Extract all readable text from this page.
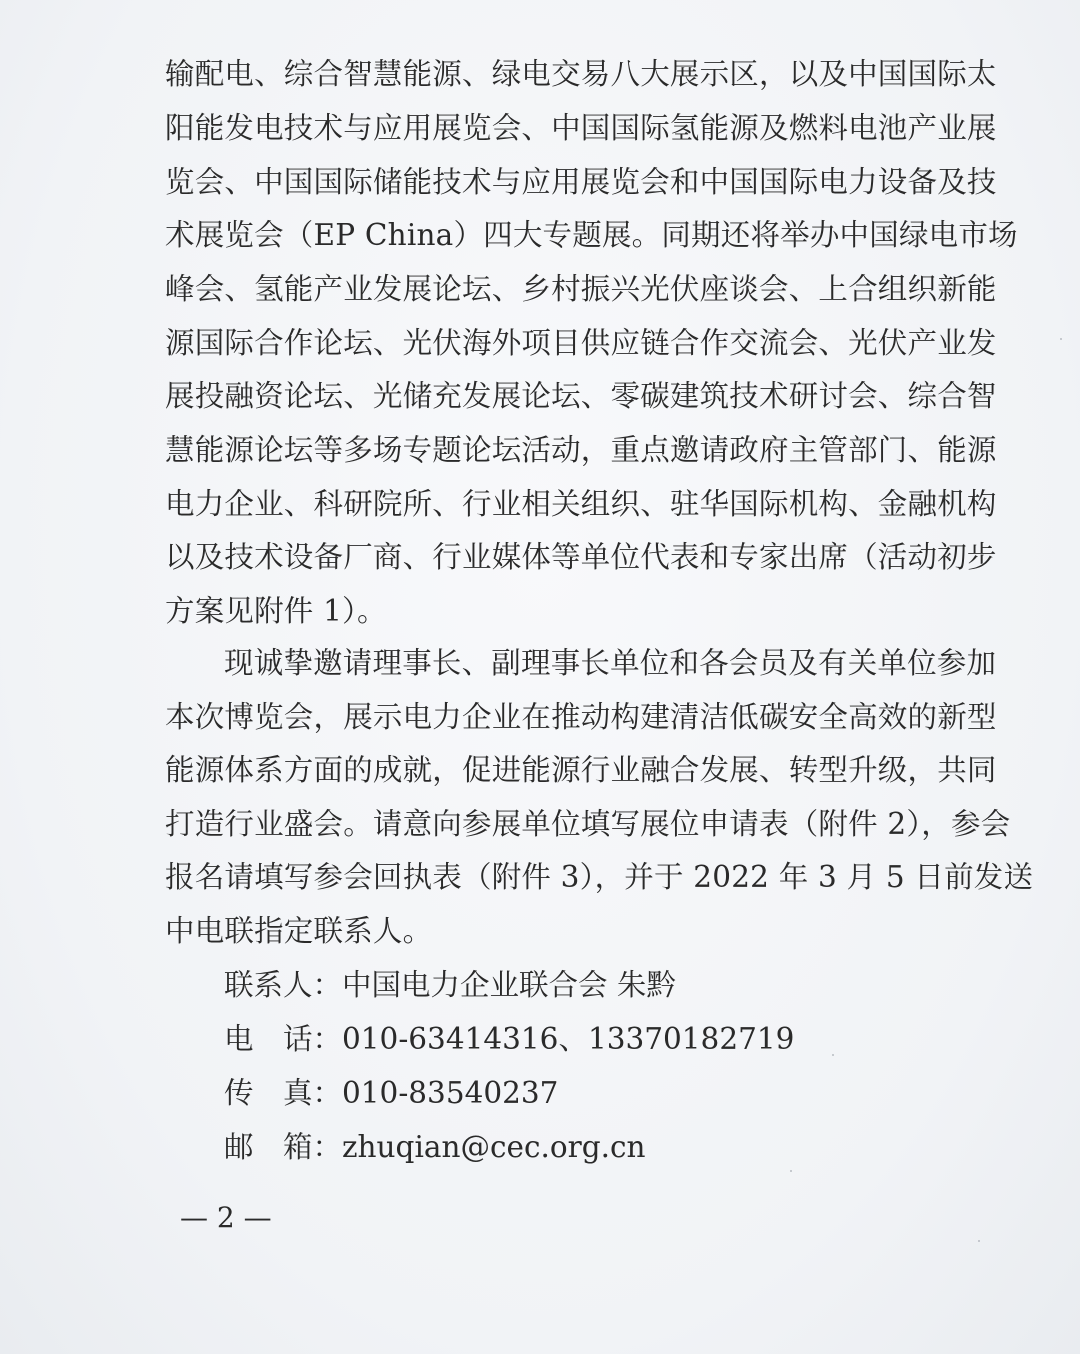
输配电、综合智慧能源、绿电交易八大展示区，以及中国国际太
阳能发电技术与应用展览会、中国国际氢能源及燃料电池产业展
览会、中国国际储能技术与应用展览会和中国国际电力设备及技
术展览会（EP China）四大专题展。同期还将举办中国绿电市场
峰会、氢能产业发展论坛、乡村振兴光伏座谈会、上合组织新能
源国际合作论坛、光伏海外项目供应链合作交流会、光伏产业发
展投融资论坛、光储充发展论坛、零碳建筑技术研讨会、综合智
慧能源论坛等多场专题论坛活动，重点邀请政府主管部门、能源
电力企业、科研院所、行业相关组织、驻华国际机构、金融机构
以及技术设备厂商、行业媒体等单位代表和专家出席（活动初步
方案见附件 1）。
现诚挚邀请理事长、副理事长单位和各会员及有关单位参加
本次博览会，展示电力企业在推动构建清洁低碳安全高效的新型
能源体系方面的成就，促进能源行业融合发展、转型升级，共同
打造行业盛会。请意向参展单位填写展位申请表（附件 2），参会
报名请填写参会回执表（附件 3），并于 2022 年 3 月 5 日前发送
中电联指定联系人。
联系人：中国电力企业联合会 朱黔
电　话：010-63414316、13370182719
传　真：010-83540237
邮　箱：zhuqian@cec.org.cn
— 2 —
